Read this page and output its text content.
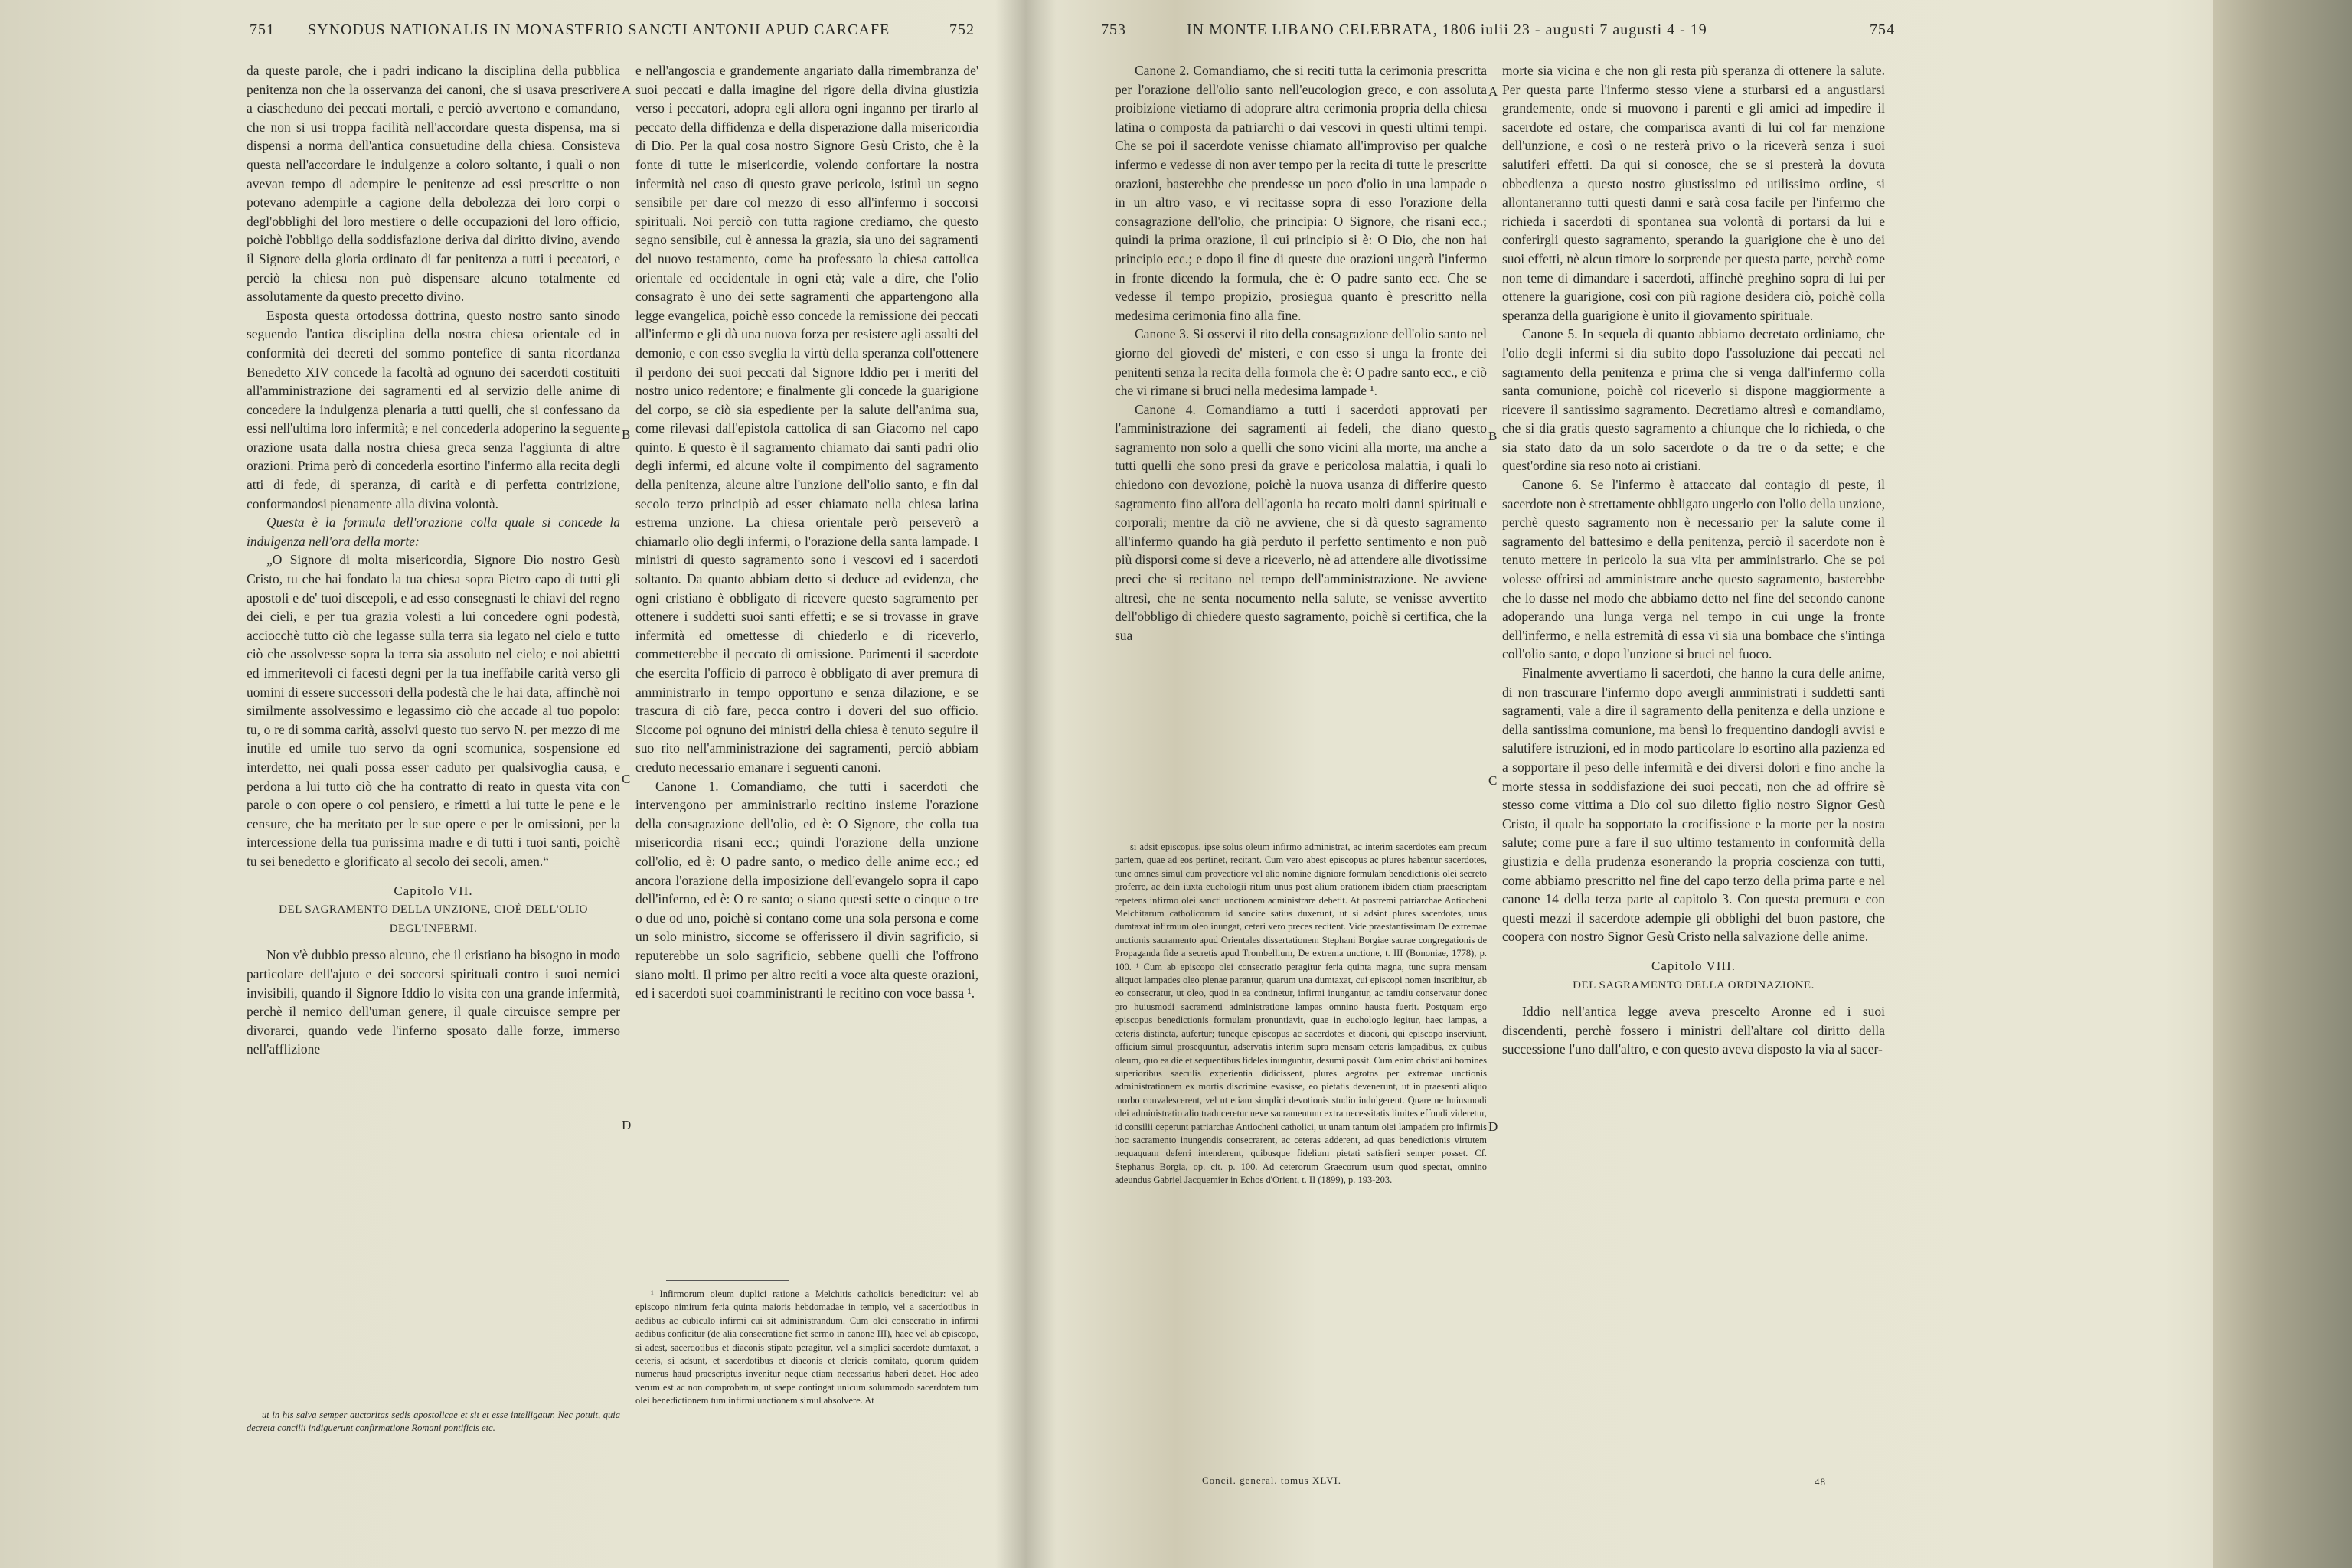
751 SYNODUS NATIONALIS IN MONASTERIO SANCTI ANTONII APUD CARCAFE	752

da queste parole, che i padri indicano la disciplina della pubblica penitenza non che la osservanza dei canoni, che si usava prescrivere a ciascheduno dei peccati mortali, e perciò avvertono e comandano, che non si usi troppa facilità nell'accordare questa dispensa, ma si dispensi a norma dell'antica consuetudine della chiesa. Consisteva questa nell'accordare le indulgenze a coloro soltanto, i quali o non avevan tempo di adempire le penitenze ad essi prescritte o non potevano adempirle a cagione della debolezza dei loro corpi o degl'obblighi del loro mestiere o delle occupazioni del loro officio, poichè l'obbligo della soddisfazione deriva dal diritto divino, avendo il Signore della gloria ordinato di far penitenza a tutti i peccatori, e perciò la chiesa non può dispensare alcuno totalmente ed assolutamente da questo precetto divino.

Esposta questa ortodossa dottrina, questo nostro santo sinodo seguendo l'antica disciplina della nostra chiesa orientale ed in conformità dei decreti del sommo pontefice di santa ricordanza Benedetto XIV concede la facoltà ad ognuno dei sacerdoti costituiti all'amministrazione dei sagramenti ed al servizio delle anime di concedere la indulgenza plenaria a tutti quelli, che si confessano da essi nell'ultima loro infermità; e nel concederla adoperino la seguente orazione usata dalla nostra chiesa greca senza l'aggiunta di altre orazioni. Prima però di concederla esortino l'infermo alla recita degli atti di fede, di speranza, di carità e di perfetta contrizione, conformandosi pienamente alla divina volontà.

Questa è la formula dell'orazione colla quale si concede la indulgenza nell'ora della morte:

„O Signore di molta misericordia, Signore Dio nostro Gesù Cristo, tu che hai fondato la tua chiesa sopra Pietro capo di tutti gli apostoli e de' tuoi discepoli, e ad esso consegnasti le chiavi del regno dei cieli, e per tua grazia volesti a lui concedere ogni podestà, acciocchè tutto ciò che legasse sulla terra sia legato nel cielo e tutto ciò che assolvesse sopra la terra sia assoluto nel cielo; e noi abiettti ed immeritevoli ci facesti degni per la tua ineffabile carità verso gli uomini di essere successori della podestà che le hai data, affinchè noi similmente assolvessimo e legassimo ciò che accade al tuo popolo: tu, o re di somma carità, assolvi questo tuo servo N. per mezzo di me inutile ed umile tuo servo da ogni scomunica, sospensione ed interdetto, nei quali possa esser caduto per qualsivoglia causa, e perdona a lui tutto ciò che ha contratto di reato in questa vita con parole o con opere o col pensiero, e rimetti a lui tutte le pene e le censure, che ha meritato per le sue opere e per le omissioni, per la intercessione della tua purissima madre e di tutti i tuoi santi, poichè tu sei benedetto e glorificato al secolo dei secoli, amen.“

Capitolo VII.

DEL SAGRAMENTO DELLA UNZIONE, CIOÈ DELL'OLIO DEGL'INFERMI.

Non v'è dubbio presso alcuno, che il cristiano ha bisogno in modo particolare dell'ajuto e dei soccorsi spirituali contro i suoi nemici invisibili, quando il Signore Iddio lo visita con una grande infermità, perchè il nemico dell'uman genere, il quale circuisce sempre per divorarci, quando vede l'inferno sposato dalle forze, immerso nell'afflizione

ut in his salva semper auctoritas sedis apostolicae et sit et esse intelligatur. Nec potuit, quia decreta concilii indiguerunt confirmatione Romani pontificis etc.

A
B
C
D

e nell'angoscia e grandemente angariato dalla rimembranza de' suoi peccati e dalla imagine del rigore della divina giustizia verso i peccatori, adopra egli allora ogni inganno per tirarlo al peccato della diffidenza e della disperazione dalla misericordia di Dio. Per la qual cosa nostro Signore Gesù Cristo, che è la fonte di tutte le misericordie, volendo confortare la nostra infermità nel caso di questo grave pericolo, istituì un segno sensibile per dare col mezzo di esso all'infermo i soccorsi spirituali. Noi perciò con tutta ragione crediamo, che questo segno sensibile, cui è annessa la grazia, sia uno dei sagramenti del nuovo testamento, come ha professato la chiesa cattolica orientale ed occidentale in ogni età; vale a dire, che l'olio consagrato è uno dei sette sagramenti che appartengono alla legge evangelica, poichè esso concede la remissione dei peccati all'infermo e gli dà una nuova forza per resistere agli assalti del demonio, e con esso sveglia la virtù della speranza coll'ottenere il perdono dei suoi peccati dal Signore Iddio per i meriti del nostro unico redentore; e finalmente gli concede la guarigione del corpo, se ciò sia espediente per la salute dell'anima sua, come rilevasi dall'epistola cattolica di san Giacomo nel capo quinto. E questo è il sagramento chiamato dai santi padri olio degli infermi, ed alcune volte il compimento del sagramento della penitenza, alcune altre l'unzione dell'olio santo, e fin dal secolo terzo principiò ad esser chiamato nella chiesa latina estrema unzione. La chiesa orientale però perseverò a chiamarlo olio degli infermi, o l'orazione della santa lampade. I ministri di questo sagramento sono i vescovi ed i sacerdoti soltanto. Da quanto abbiam detto si deduce ad evidenza, che ogni cristiano è obbligato di ricevere questo sagramento per ottenere i suddetti suoi santi effetti; e se si trovasse in grave infermità ed omettesse di chiederlo e di riceverlo, commetterebbe il peccato di omissione. Parimenti il sacerdote che esercita l'officio di parroco è obbligato di aver premura di amministrarlo in tempo opportuno e senza dilazione, e se trascura di ciò fare, pecca contro i doveri del suo officio. Siccome poi ognuno dei ministri della chiesa è tenuto seguire il suo rito nell'amministrazione dei sagramenti, perciò abbiam creduto necessario emanare i seguenti canoni.

Canone 1. Comandiamo, che tutti i sacerdoti che intervengono per amministrarlo recitino insieme l'orazione della consagrazione dell'olio, ed è: O Signore, che colla tua misericordia risani ecc.; quindi l'orazione della unzione coll'olio, ed è: O padre santo, o medico delle anime ecc.; ed ancora l'orazione della imposizione dell'evangelo sopra il capo dell'inferno, ed è: O re santo; o siano questi sette o cinque o tre o due od uno, poichè si contano come una sola persona e come un solo ministro, siccome se offerissero il divin sagrificio, si reputerebbe un solo sagrificio, sebbene quelli che l'offrono siano molti. Il primo per altro reciti a voce alta queste orazioni, ed i sacerdoti suoi coamministranti le recitino con voce bassa ¹.

¹ Infirmorum oleum duplici ratione a Melchitis catholicis benedicitur: vel ab episcopo nimirum feria quinta maioris hebdomadae in templo, vel a sacerdotibus in aedibus ac cubiculo infirmi cui sit administrandum. Cum olei consecratio in infirmi aedibus conficitur (de alia consecratione fiet sermo in canone III), haec vel ab episcopo, si adest, sacerdotibus et diaconis stipato peragitur, vel a simplici sacerdote dumtaxat, a ceteris, si adsunt, et sacerdotibus et diaconis et clericis comitato, quorum quidem numerus haud praescriptus invenitur neque etiam necessarius haberi debet. Hoc adeo verum est ac non comprobatum, ut saepe contingat unicum solummodo sacerdotem tum olei benedictionem tum infirmi unctionem simul absolvere. At

753	IN MONTE LIBANO CELEBRATA, 1806 iulii 23 - augusti 7 augusti 4 - 19	754

Canone 2. Comandiamo, che si reciti tutta la cerimonia prescritta per l'orazione dell'olio santo nell'eucologion greco, e con assoluta proibizione vietiamo di adoprare altra cerimonia propria della chiesa latina o composta da patriarchi o dai vescovi in questi ultimi tempi. Che se poi il sacerdote venisse chiamato all'improviso per qualche infermo e vedesse di non aver tempo per la recita di tutte le prescritte orazioni, basterebbe che prendesse un poco d'olio in una lampade o in un altro vaso, e vi recitasse sopra di esso l'orazione della consagrazione dell'olio, che principia: O Signore, che risani ecc.; quindi la prima orazione, il cui principio si è: O Dio, che non hai principio ecc.; e dopo il fine di queste due orazioni ungerà l'infermo in fronte dicendo la formula, che è: O padre santo ecc. Che se vedesse il tempo propizio, prosiegua quanto è prescritto nella medesima cerimonia fino alla fine.

Canone 3. Si osservi il rito della consagrazione dell'olio santo nel giorno del giovedì de' misteri, e con esso si unga la fronte dei penitenti senza la recita della formola che è: O padre santo ecc., e ciò che vi rimane si bruci nella medesima lampade ¹.

Canone 4. Comandiamo a tutti i sacerdoti approvati per l'amministrazione dei sagramenti ai fedeli, che diano questo sagramento non solo a quelli che sono vicini alla morte, ma anche a tutti quelli che sono presi da grave e pericolosa malattia, i quali lo chiedono con devozione, poichè la nuova usanza di differire questo sagramento fino all'ora dell'agonia ha recato molti danni spirituali e corporali; mentre da ciò ne avviene, che si dà questo sagramento all'infermo quando ha già perduto il perfetto sentimento e non può più disporsi come si deve a riceverlo, nè ad attendere alle divotissime preci che si recitano nel tempo dell'amministrazione. Ne avviene altresì, che ne senta nocumento nella salute, se venisse avvertito dell'obbligo di chiedere questo sagramento, poichè si certifica, che la sua

si adsit episcopus, ipse solus oleum infirmo administrat, ac interim sacerdotes eam precum partem, quae ad eos pertinet, recitant. Cum vero abest episcopus ac plures habentur sacerdotes, tunc omnes simul cum provectiore vel alio nomine digniore formulam benedictionis olei secreto proferre, ac dein iuxta euchologii ritum unus post alium orationem ibidem etiam praescriptam repetens infirmo olei sancti unctionem administrare debetit. At postremi patriarchae Antiocheni Melchitarum catholicorum id sancire satius duxerunt, ut si adsint plures sacerdotes, unus dumtaxat infirmum oleo inungat, ceteri vero preces recitent. Vide praestantissimam De extremae unctionis sacramento apud Orientales dissertationem Stephani Borgiae sacrae congregationis de Propaganda fide a secretis apud Trombellium, De extrema unctione, t. III (Bononiae, 1778), p. 100. ¹ Cum ab episcopo olei consecratio peragitur feria quinta magna, tunc supra mensam aliquot lampades oleo plenae parantur, quarum una dumtaxat, cui episcopi nomen inscribitur, ab eo consecratur, ut oleo, quod in ea continetur, infirmi inungantur, ac tamdiu conservatur donec pro huiusmodi sacramenti administratione lampas omnino hausta fuerit. Postquam ergo episcopus benedictionis formulam pronuntiavit, quae in euchologio legitur, haec lampas, a ceteris distincta, aufertur; tuncque episcopus ac sacerdotes et diaconi, qui episcopo inserviunt, officium simul prosequuntur, adservatis interim supra mensam ceteris lampadibus, ex quibus oleum, quo ea die et sequentibus fideles inunguntur, desumi possit. Cum enim christiani homines superioribus saeculis experientia didicissent, plures aegrotos per extremae unctionis administrationem ex mortis discrimine evasisse, eo pietatis devenerunt, ut in praesenti aliquo morbo convalescerent, vel ut etiam simplici devotionis studio indulgerent. Quare ne huiusmodi olei administratio alio traduceretur neve sacramentum extra necessitatis limites effundi videretur, id consilii ceperunt patriarchae Antiocheni catholici, ut unam tantum olei lampadem pro infirmis hoc sacramento inungendis consecrarent, ac ceteras adderent, ad quas benedictionis virtutem nequaquam deferri intenderent, quibusque fidelium pietati satisfieri semper posset. Cf. Stephanus Borgia, op. cit. p. 100. Ad ceterorum Graecorum usum quod spectat, omnino adeundus Gabriel Jacquemier in Echos d'Orient, t. II (1899), p. 193-203.

Concil. general. tomus XLVI.
A
B
C
D

morte sia vicina e che non gli resta più speranza di ottenere la salute. Per questa parte l'infermo stesso viene a sturbarsi ed a angustiarsi grandemente, onde si muovono i parenti e gli amici ad impedire il sacerdote ed ostare, che comparisca avanti di lui col far menzione dell'unzione, e così o ne resterà privo o la riceverà senza i suoi salutiferi effetti. Da qui si conosce, che se si presterà la dovuta obbedienza a questo nostro giustissimo ed utilissimo ordine, si allontaneranno tutti questi danni e sarà cosa facile per l'infermo che richieda i sacerdoti di spontanea sua volontà di portarsi da lui e conferirgli questo sagramento, sperando la guarigione che è uno dei suoi effetti, nè alcun timore lo sorprende per questa parte, perchè come non teme di dimandare i sacerdoti, affinchè preghino sopra di lui per ottenere la guarigione, così con più ragione desidera ciò, poichè colla speranza della guarigione è unito il giovamento spirituale.

Canone 5. In sequela di quanto abbiamo decretato ordiniamo, che l'olio degli infermi si dia subito dopo l'assoluzione dai peccati nel sagramento della penitenza e prima che si venga dall'infermo colla santa comunione, poichè col riceverlo si dispone maggiormente a ricevere il santissimo sagramento. Decretiamo altresì e comandiamo, che si dia gratis questo sagramento a chiunque che lo richieda, o che sia stato dato da un solo sacerdote o da tre o da sette; e che quest'ordine sia reso noto ai cristiani.

Canone 6. Se l'infermo è attaccato dal contagio di peste, il sacerdote non è strettamente obbligato ungerlo con l'olio della unzione, perchè questo sagramento non è necessario per la salute come il sagramento del battesimo e della penitenza, perciò il sacerdote non è tenuto mettere in pericolo la sua vita per amministrarlo. Che se poi volesse offrirsi ad amministrare anche questo sagramento, basterebbe che lo dasse nel modo che abbiamo detto nel fine del secondo canone adoperando una lunga verga nel tempo in cui unge la fronte dell'infermo, e nella estremità di essa vi sia una bombace che s'intinga coll'olio santo, e dopo l'unzione si bruci nel fuoco.

Finalmente avvertiamo li sacerdoti, che hanno la cura delle anime, di non trascurare l'infermo dopo avergli amministrati i suddetti santi sagramenti, vale a dire il sagramento della penitenza e della unzione e della santissima comunione, ma bensì lo frequentino dandogli avvisi e salutifere istruzioni, ed in modo particolare lo esortino alla pazienza ed a sopportare il peso delle infermità e dei diversi dolori e fino anche la morte stessa in soddisfazione dei suoi peccati, non che ad offrire sè stesso come vittima a Dio col suo diletto figlio nostro Signor Gesù Cristo, il quale ha sopportato la crocifissione e la morte per la nostra salute; come pure a fare il suo ultimo testamento in conformità della giustizia e della prudenza esonerando la propria coscienza con tutti, come abbiamo prescritto nel fine del capo terzo della prima parte e nel canone 14 della terza parte al capitolo 3. Con questa premura e con questi mezzi il sacerdote adempie gli obblighi del buon pastore, che coopera con nostro Signor Gesù Cristo nella salvazione delle anime.

Capitolo VIII.

DEL SAGRAMENTO DELLA ORDINAZIONE.

Iddio nell'antica legge aveva prescelto Aronne ed i suoi discendenti, perchè fossero i ministri dell'altare col diritto della successione l'uno dall'altro, e con questo aveva disposto la via al sacer-

48
